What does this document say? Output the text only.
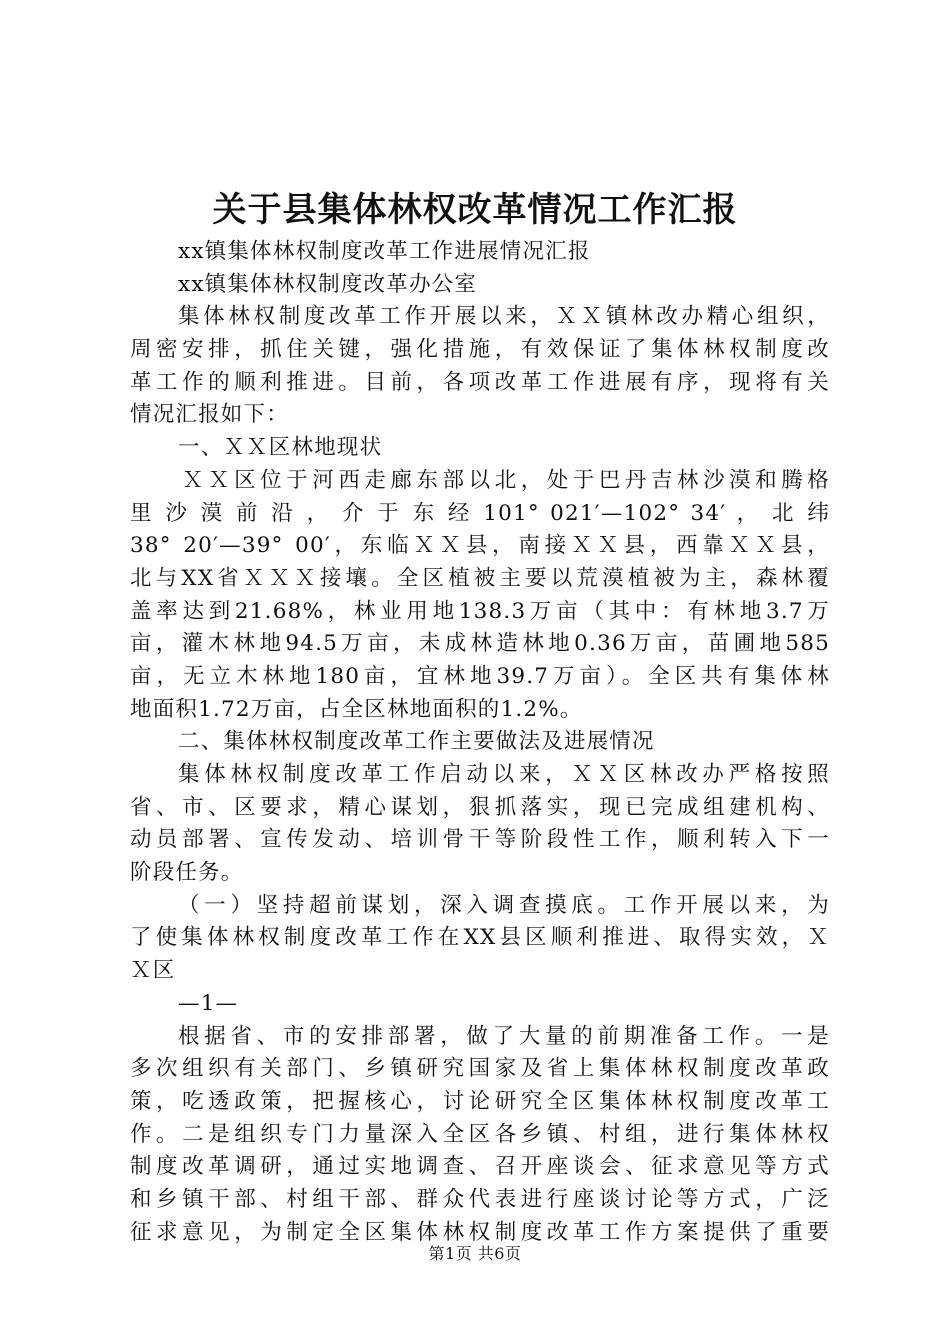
关于县集体林权改革情况工作汇报
xx镇集体林权制度改革工作进展情况汇报
xx镇集体林权制度改革办公室
集体林权制度改革工作开展以来，ＸＸ镇林改办精心组织，
周密安排，抓住关键，强化措施，有效保证了集体林权制度改
革工作的顺利推进。目前，各项改革工作进展有序，现将有关
情况汇报如下：
一、ＸＸ区林地现状
ＸＸ区位于河西走廊东部以北，处于巴丹吉林沙漠和腾格
里 沙 漠 前 沿 ， 介 于 东 经 101° 021′—102° 34′ ， 北 纬
38° 20′—39° 00′，东临ＸＸ县，南接ＸＸ县，西靠ＸＸ县，
北与XX省ＸＸＸ接壤。全区植被主要以荒漠植被为主，森林覆
盖率达到21.68%，林业用地138.3万亩（其中：有林地3.7万
亩，灌木林地94.5万亩，未成林造林地0.36万亩，苗圃地585
亩，无立木林地180亩，宜林地39.7万亩）。全区共有集体林
地面积1.72万亩，占全区林地面积的1.2%。
二、集体林权制度改革工作主要做法及进展情况
集体林权制度改革工作启动以来，ＸＸ区林改办严格按照
省、市、区要求，精心谋划，狠抓落实，现已完成组建机构、
动员部署、宣传发动、培训骨干等阶段性工作，顺利转入下一
阶段任务。
（一）坚持超前谋划，深入调查摸底。工作开展以来，为
了使集体林权制度改革工作在XX县区顺利推进、取得实效，Ｘ
Ｘ区
—1—
根据省、市的安排部署，做了大量的前期准备工作。一是
多次组织有关部门、乡镇研究国家及省上集体林权制度改革政
策，吃透政策，把握核心，讨论研究全区集体林权制度改革工
作。二是组织专门力量深入全区各乡镇、村组，进行集体林权
制度改革调研，通过实地调查、召开座谈会、征求意见等方式
和乡镇干部、村组干部、群众代表进行座谈讨论等方式，广泛
征求意见，为制定全区集体林权制度改革工作方案提供了重要
第1页 共6页
